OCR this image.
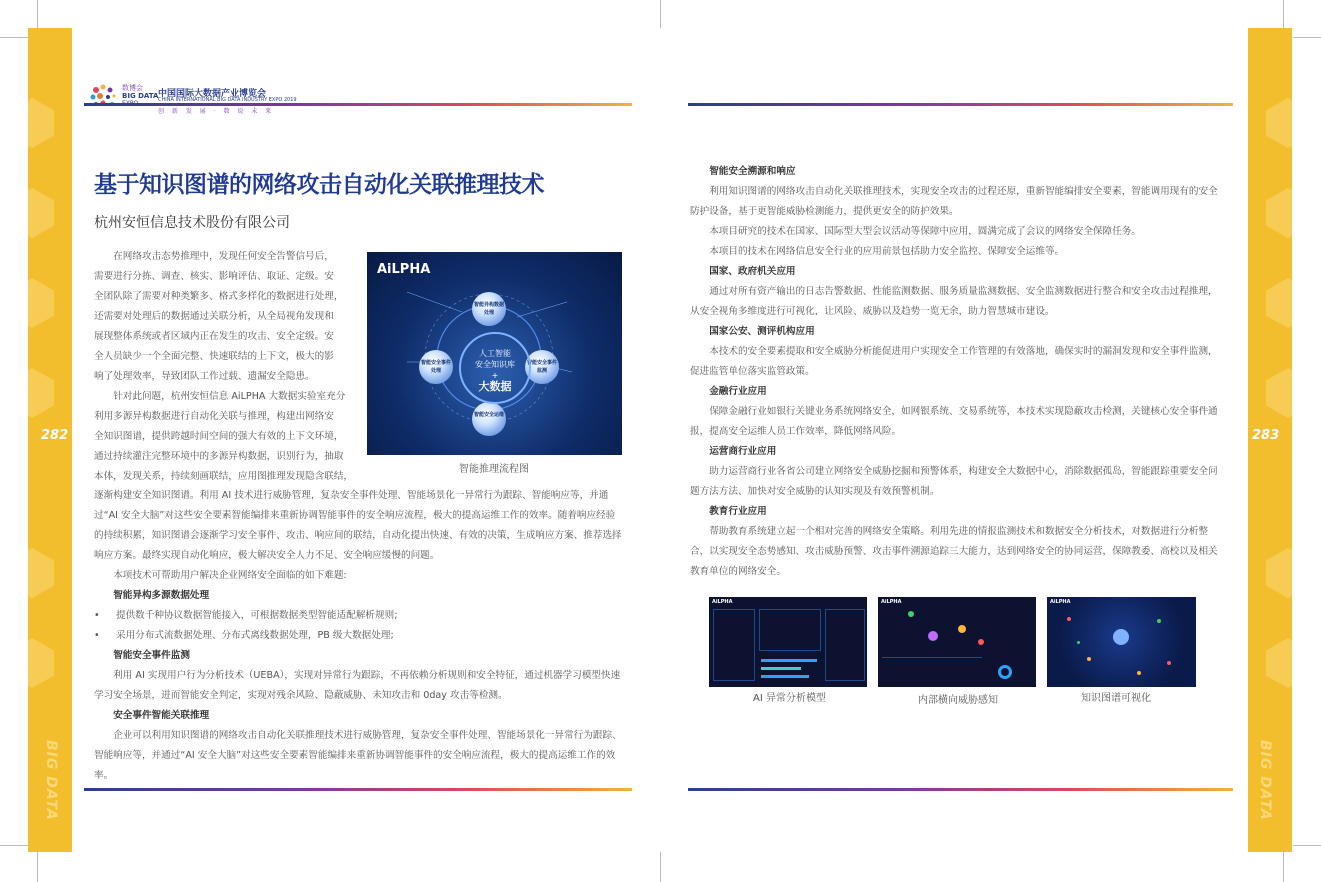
282
BIG DATA
283
BIG DATA
数博会
BIG DATA 中国国际大数据产业博览会
CHINA INTERNATIONAL BIG DATA INDUSTRY EXPO 2019
创 新 发 展 · 数 说 未 来
基于知识图谱的网络攻击自动化关联推理技术
杭州安恒信息技术股份有限公司

在网络攻击态势推理中，发现任何安全告警信号后，

需要进行分拣、调查、核实、影响评估、取证、定级。安

全团队除了需要对种类繁多、格式多样化的数据进行处理，

还需要对处理后的数据通过关联分析，从全局视角发现和

展现整体系统或者区域内正在发生的攻击、安全定级。安

全人员缺少一个全面完整、快速联结的上下文，极大的影

响了处理效率，导致团队工作过载、遗漏安全隐患。

针对此问题，杭州安恒信息 AiLPHA 大数据实验室充分

利用多源异构数据进行自动化关联与推理，构建出网络安

全知识图谱，提供跨越时间空间的强大有效的上下文环境，

通过持续灌注完整环境中的多源异构数据，识别行为，抽取

本体，发现关系，持续刻画联结，应用图推理发现隐含联结，

AiLPHA
智能异构数据处理
智能安全事件处理
智能安全事件监测
智能安全运维
人工智能
安全知识库
+
大数据
智能推理流程图

逐渐构建安全知识图谱。利用 AI 技术进行威胁管理，复杂安全事件处理、智能场景化一异常行为跟踪、智能响应等，并通过“AI 安全大脑”对这些安全要素智能编排来重新协调智能事件的安全响应流程，极大的提高运维工作的效率。随着响应经验的持续积累，知识图谱会逐渐学习安全事件、攻击、响应间的联结，自动化提出快速、有效的决策，生成响应方案、推荐选择响应方案。最终实现自动化响应，极大解决安全人力不足、安全响应缓慢的问题。

本项技术可帮助用户解决企业网络安全面临的如下难题:

智能异构多源数据处理

• 提供数千种协议数据智能接入，可根据数据类型智能适配解析规则;

• 采用分布式流数据处理、分布式离线数据处理，PB 级大数据处理;

智能安全事件监测

利用 AI 实现用户行为分析技术（UEBA），实现对异常行为跟踪，不再依赖分析规则和安全特征，通过机器学习模型快速学习安全场景，进而智能安全判定，实现对残余风险、隐蔽威胁、未知攻击和 0day 攻击等检测。

安全事件智能关联推理

企业可以利用知识图谱的网络攻击自动化关联推理技术进行威胁管理，复杂安全事件处理、智能场景化一异常行为跟踪、智能响应等，并通过“AI 安全大脑”对这些安全要素智能编排来重新协调智能事件的安全响应流程，极大的提高运维工作的效率。

智能安全溯源和响应

利用知识图谱的网络攻击自动化关联推理技术，实现安全攻击的过程还原，重新智能编排安全要素，智能调用现有的安全防护设备，基于更智能威胁检测能力，提供更安全的防护效果。

本项目研究的技术在国家、国际型大型会议活动等保障中应用，圆满完成了会议的网络安全保障任务。

本项目的技术在网络信息安全行业的应用前景包括助力安全监控、保障安全运维等。

国家、政府机关应用

通过对所有资产输出的日志告警数据、性能监测数据、服务质量监测数据、安全监测数据进行整合和安全攻击过程推理，从安全视角多维度进行可视化，让风险、威胁以及趋势一览无余，助力智慧城市建设。

国家公安、测评机构应用

本技术的安全要素提取和安全威胁分析能促进用户实现安全工作管理的有效落地，确保实时的漏洞发现和安全事件监测，促进监管单位落实监管政策。

金融行业应用

保障金融行业如银行关键业务系统网络安全，如网银系统、交易系统等，本技术实现隐蔽攻击检测，关键核心安全事件通报，提高安全运维人员工作效率，降低网络风险。

运营商行业应用

助力运营商行业各省公司建立网络安全威胁挖掘和预警体系，构建安全大数据中心，消除数据孤岛，智能跟踪重要安全问题方法方法、加快对安全威胁的认知实现及有效预警机制。

教育行业应用

帮助教育系统建立起一个相对完善的网络安全策略。利用先进的情报监测技术和数据安全分析技术，对数据进行分析整合，以实现安全态势感知、攻击威胁预警、攻击事件溯源追踪三大能力，达到网络安全的协同运营，保障教委、高校以及相关教育单位的网络安全。

AiLPHA
AI 异常分析模型
AiLPHA
内部横向威胁感知
AiLPHA
知识图谱可视化
